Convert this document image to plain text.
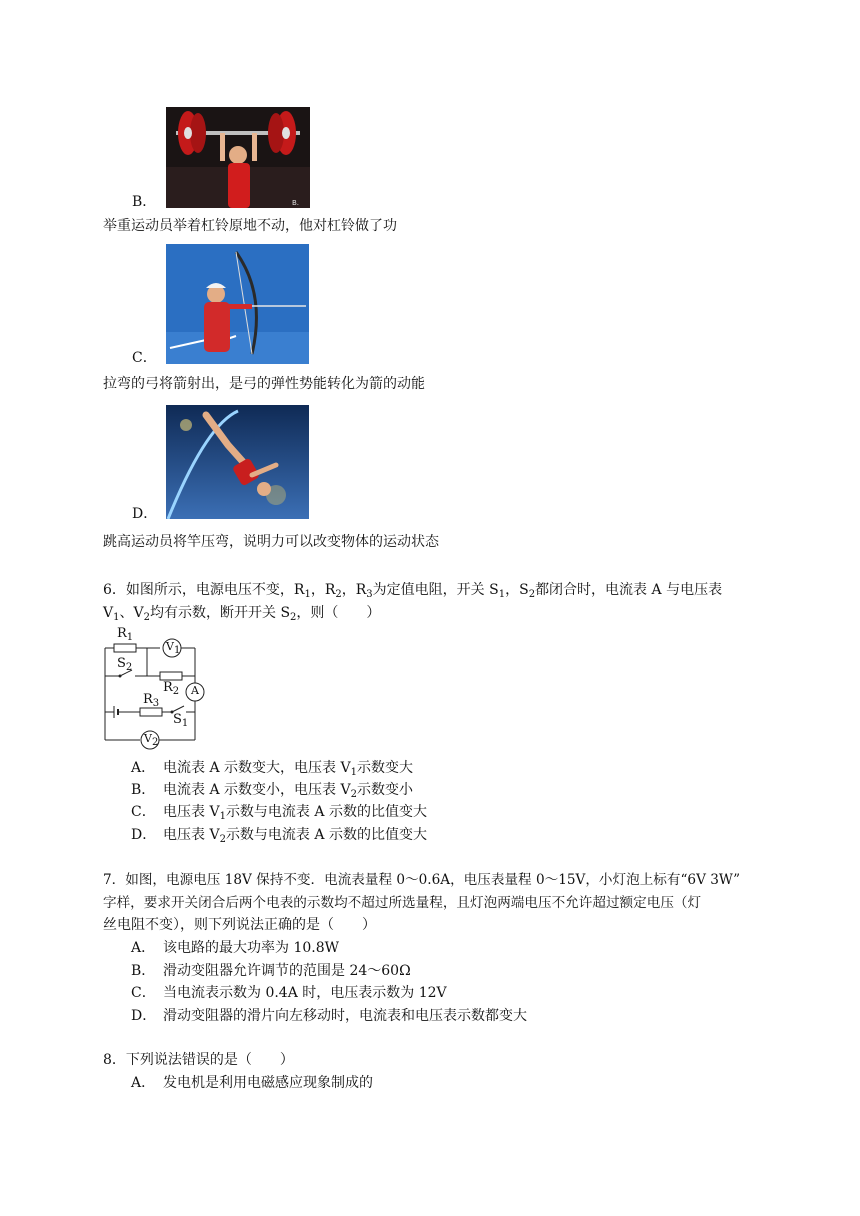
B.
B．
举重运动员举着杠铃原地不动，他对杠铃做了功
C．
拉弯的弓将箭射出，是弓的弹性势能转化为箭的动能
D．
跳高运动员将竿压弯，说明力可以改变物体的运动状态
6．如图所示，电源电压不变，$R_1$，$R_2$，$R_3$为定值电阻，开关 $S_1$，$S_2$都闭合时，电流表 A 与电压表
$V_1$、$V_2$均有示数，断开开关 $S_2$，则（　　）
$R_1$
$V_1$
$S_2$
$R_2$ A
$R_3$
$S_1$
$V_2$
A． 电流表 A 示数变大，电压表 $V_1$示数变大
B． 电流表 A 示数变小，电压表 $V_2$示数变小
C． 电压表 $V_1$示数与电流表 A 示数的比值变大
D． 电压表 $V_2$示数与电流表 A 示数的比值变大
7．如图，电源电压 18V 保持不变．电流表量程 0～0.6A，电压表量程 0～15V，小灯泡上标有“6V 3W”
字样，要求开关闭合后两个电表的示数均不超过所选量程，且灯泡两端电压不允许超过额定电压（灯
丝电阻不变），则下列说法正确的是（　　）
A． 该电路的最大功率为 10.8W
B． 滑动变阻器允许调节的范围是 24～60Ω
C． 当电流表示数为 0.4A 时，电压表示数为 12V
D． 滑动变阻器的滑片向左移动时，电流表和电压表示数都变大
8．下列说法错误的是（　　）
A． 发电机是利用电磁感应现象制成的
